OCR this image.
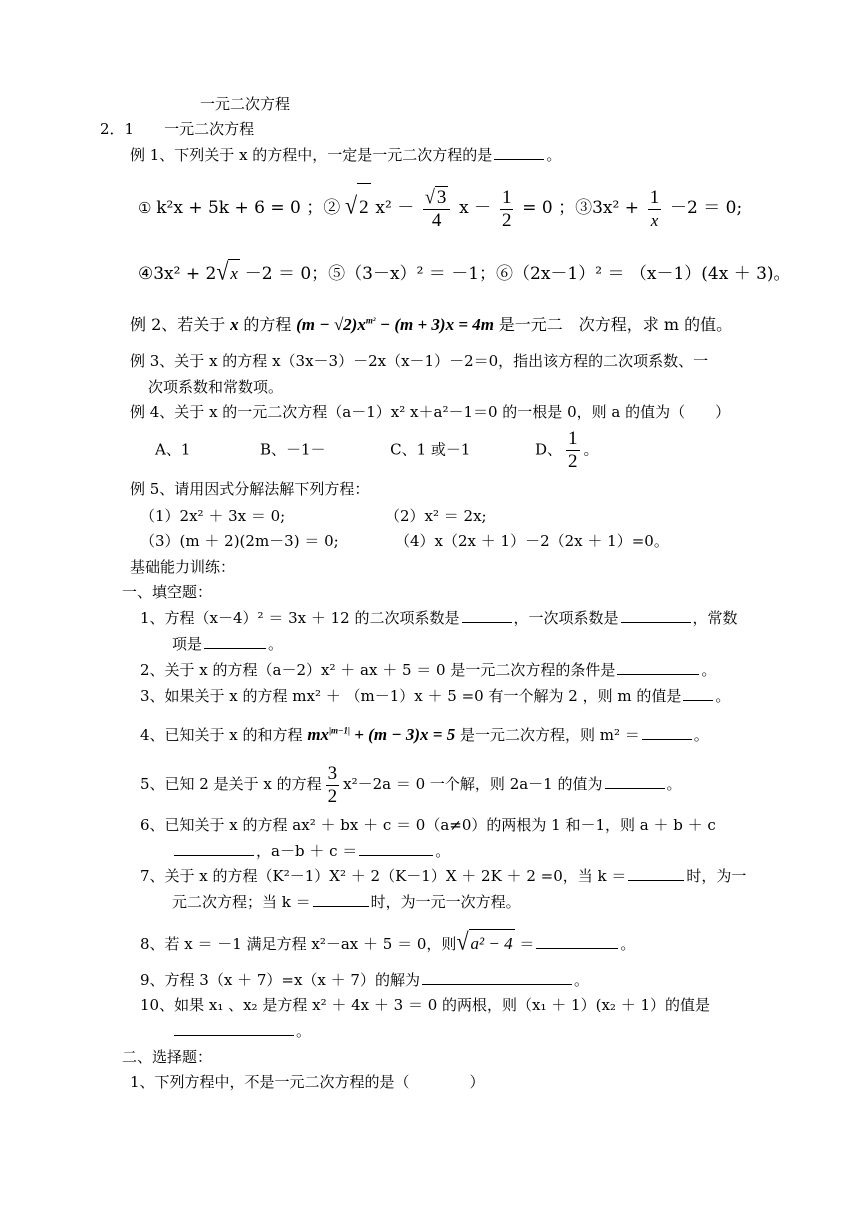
一元二次方程
2．1　　一元二次方程
例 1、下列关于 x 的方程中，一定是一元二次方程的是	。
① k²x + 5k + 6 = 0 ；② √ 2 $x^2 - \frac{√ 3}{4}$ $x - \frac{1}{2} = 0$ ；③3x² + $\frac{1}{x} -2 = 0$;
④3x² + 2√ x －2 ＝ 0；⑤（3－x）² ＝ －1；⑥（2x－1）² ＝ （x－1）(4x ＋ 3)。
例 2、若关于 x 的方程 $(m - √2)x^{m^2} - (m + 3)x = 4m$ 是一元二　次方程，求 m 的值。
例 3、关于 x 的方程 x（3x－3）－2x（x－1）－2＝0，指出该方程的二次项系数、一
次项系数和常数项。
例 4、关于 x 的一元二次方程（a－1）x² x＋a²－1＝0 的一根是 0，则 a 的值为（　　）
A、1	B、－1－	C、1 或－1	D、 $\frac{1}{2}$ 。
例 5、请用因式分解法解下列方程：
（1）2x² ＋ 3x ＝ 0;	（2）x² ＝ 2x;
（3）(m ＋ 2)(2m－3) ＝ 0;	（4）x（2x ＋ 1）－2（2x ＋ 1）=0。
基础能力训练：
一、填空题：
1、方程（x－4）² ＝ 3x ＋ 12 的二次项系数是	，一次项系数是	，常数
项是	。
2、关于 x 的方程（a－2）x² ＋ ax ＋ 5 ＝ 0 是一元二次方程的条件是	。
3、如果关于 x 的方程 mx² ＋ （m－1）x ＋ 5 =0 有一个解为 2 ，则 m 的值是 。
4、已知关于 x 的和方程 $mx^{|m-1|} + (m - 3)x = 5$ 是一元二次方程，则 m² ＝	。
5、已知 2 是关于 x 的方程 $\frac{3}{2} x^2-2a = 0$ 一个解，则 2a－1 的值为	。
6、已知关于 x 的方程 ax² ＋ bx ＋ c ＝ 0（a≠0）的两根为 1 和－1，则 a ＋ b ＋ c
，a－b ＋ c ＝	。
7、关于 x 的方程（K²－1）X² ＋ 2（K－1）X ＋ 2K ＋ 2 =0，当 k ＝	时，为一
元二次方程；当 k ＝	时，为一元一次方程。
8、若 x ＝ －1 满足方程 x²－ax ＋ 5 ＝ 0，则√ a² − 4 ＝	。
9、方程 3（x ＋ 7）=x（x ＋ 7）的解为	。
10、如果 x₁ 、x₂ 是方程 x² ＋ 4x ＋ 3 ＝ 0 的两根，则（x₁ ＋ 1）(x₂ ＋ 1）的值是
。
二、选择题：
1、下列方程中，不是一元二次方程的是（　　　　）
